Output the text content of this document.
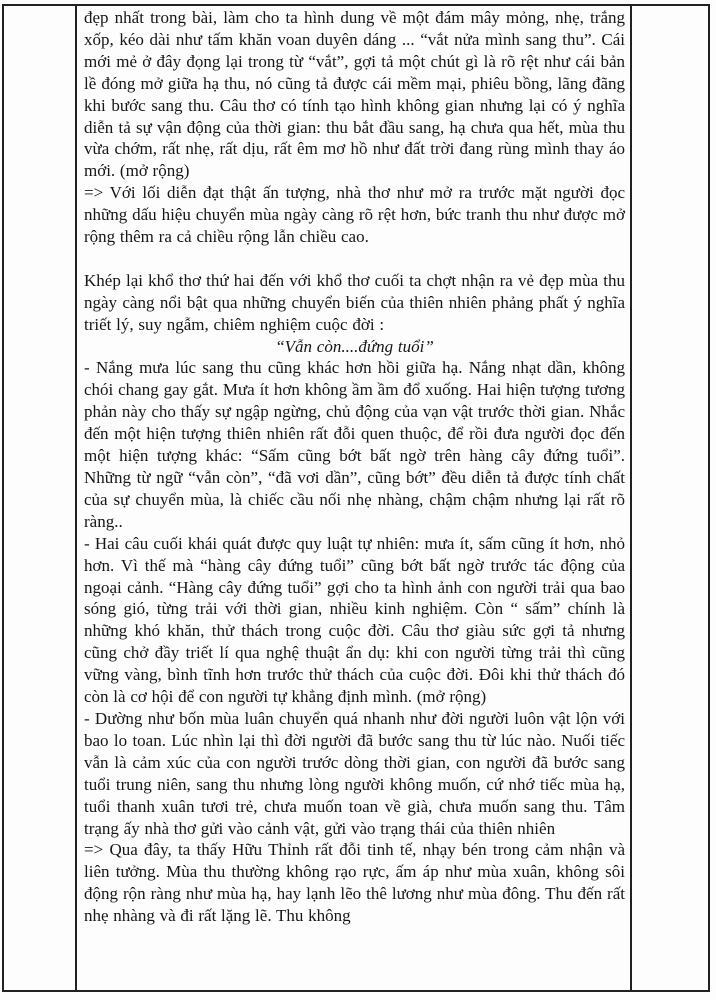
đẹp nhất trong bài, làm cho ta hình dung về một đám mây mỏng, nhẹ, trắng xốp, kéo dài như tấm khăn voan duyên dáng ... “vắt nửa mình sang thu”. Cái mới mẻ ở đây đọng lại trong từ “vắt”, gợi tả một chút gì là rõ rệt như cái bản lề đóng mở giữa hạ thu, nó cũng tả được cái mềm mại, phiêu bồng, lãng đãng khi bước sang thu. Câu thơ có tính tạo hình không gian nhưng lại có ý nghĩa diễn tả sự vận động của thời gian: thu bắt đầu sang, hạ chưa qua hết, mùa thu vừa chớm, rất nhẹ, rất dịu, rất êm mơ hồ như đất trời đang rùng mình thay áo mới. (mở rộng)

=> Với lối diễn đạt thật ấn tượng, nhà thơ như mở ra trước mặt người đọc những dấu hiệu chuyển mùa ngày càng rõ rệt hơn, bức tranh thu như được mở rộng thêm ra cả chiều rộng lẫn chiều cao.

Khép lại khổ thơ thứ hai đến với khổ thơ cuối ta chợt nhận ra vẻ đẹp mùa thu ngày càng nổi bật qua những chuyển biến của thiên nhiên phảng phất ý nghĩa triết lý, suy ngẫm, chiêm nghiệm cuộc đời :

“Vẫn còn....đứng tuổi”

- Nắng mưa lúc sang thu cũng khác hơn hồi giữa hạ. Nắng nhạt dần, không chói chang gay gắt. Mưa ít hơn không ầm ầm đổ xuống. Hai hiện tượng tương phản này cho thấy sự ngập ngừng, chủ động của vạn vật trước thời gian. Nhắc đến một hiện tượng thiên nhiên rất đỗi quen thuộc, để rồi đưa người đọc đến một hiện tượng khác: “Sấm cũng bớt bất ngờ trên hàng cây đứng tuổi”. Những từ ngữ “vẫn còn”, “đã vơi dần”, cũng bớt” đều diễn tả được tính chất của sự chuyển mùa, là chiếc cầu nối nhẹ nhàng, chậm chậm nhưng lại rất rõ ràng..

- Hai câu cuối khái quát được quy luật tự nhiên: mưa ít, sấm cũng ít hơn, nhỏ hơn. Vì thế mà “hàng cây đứng tuổi” cũng bớt bất ngờ trước tác động của ngoại cảnh. “Hàng cây đứng tuổi” gợi cho ta hình ảnh con người trải qua bao sóng gió, từng trải với thời gian, nhiều kinh nghiệm. Còn “ sấm” chính là những khó khăn, thử thách trong cuộc đời. Câu thơ giàu sức gợi tả nhưng cũng chở đầy triết lí qua nghệ thuật ẩn dụ: khi con người từng trải thì cũng vững vàng, bình tĩnh hơn trước thử thách của cuộc đời. Đôi khi thử thách đó còn là cơ hội để con người tự khẳng định mình. (mở rộng)

- Dường như bốn mùa luân chuyển quá nhanh như đời người luôn vật lộn với bao lo toan. Lúc nhìn lại thì đời người đã bước sang thu từ lúc nào. Nuối tiếc vẫn là cảm xúc của con người trước dòng thời gian, con người đã bước sang tuổi trung niên, sang thu nhưng lòng người không muốn, cứ nhớ tiếc mùa hạ, tuổi thanh xuân tươi trẻ, chưa muốn toan về già, chưa muốn sang thu. Tâm trạng ấy nhà thơ gửi vào cảnh vật, gửi vào trạng thái của thiên nhiên

=> Qua đây, ta thấy Hữu Thỉnh rất đỗi tinh tế, nhạy bén trong cảm nhận và liên tưởng. Mùa thu thường không rạo rực, ấm áp như mùa xuân, không sôi động rộn ràng như mùa hạ, hay lạnh lẽo thê lương như mùa đông. Thu đến rất nhẹ nhàng và đi rất lặng lẽ. Thu không
